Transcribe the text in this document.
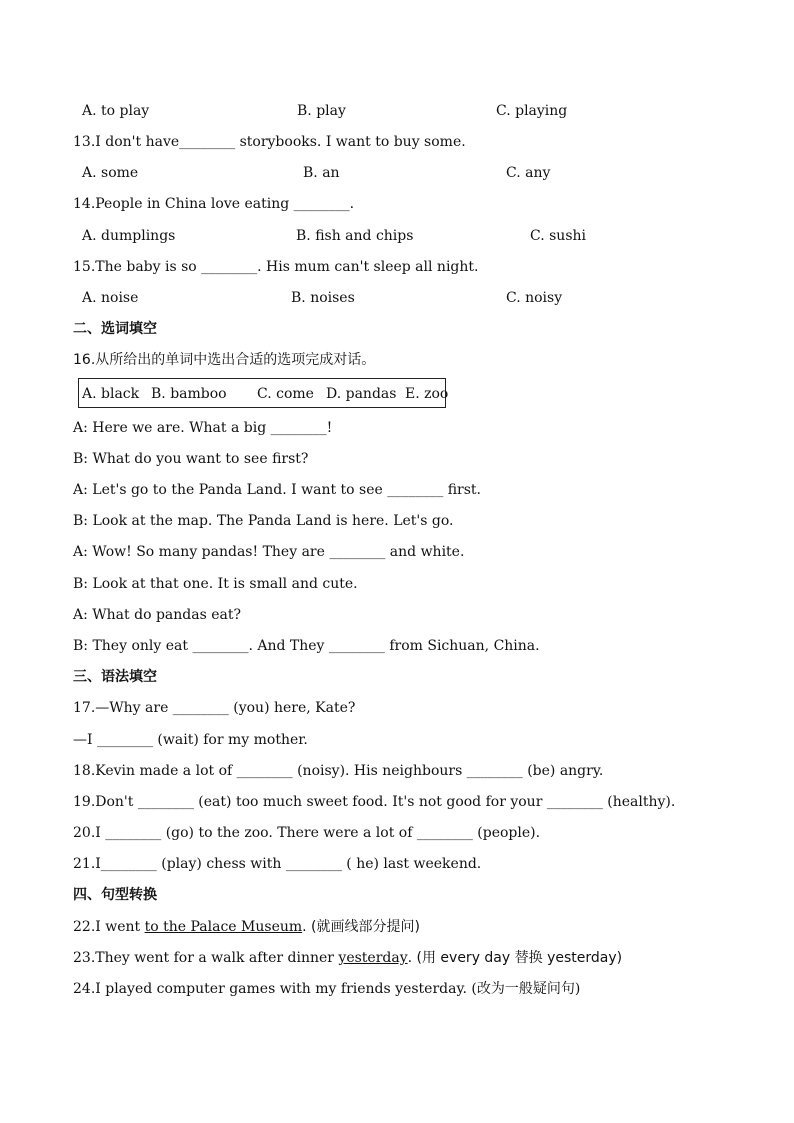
A. to play	B. play	C. playing
13.I don't have________ storybooks. I want to buy some.
A. some	B. an	C. any
14.People in China love eating ________.
A. dumplings	B. fish and chips	C. sushi
15.The baby is so ________. His mum can't sleep all night.
A. noise	B. noises	C. noisy
二、选词填空
16.从所给出的单词中选出合适的选项完成对话。
A. black B. bamboo C. come D. pandas E. zoo
A: Here we are. What a big ________!
B: What do you want to see first?
A: Let's go to the Panda Land. I want to see ________ first.
B: Look at the map. The Panda Land is here. Let's go.
A: Wow! So many pandas! They are ________ and white.
B: Look at that one. It is small and cute.
A: What do pandas eat?
B: They only eat ________. And They ________ from Sichuan, China.
三、语法填空
17.—Why are ________ (you) here, Kate?
—I ________ (wait) for my mother.
18.Kevin made a lot of ________ (noisy). His neighbours ________ (be) angry.
19.Don't ________ (eat) too much sweet food. It's not good for your ________ (healthy).
20.I ________ (go) to the zoo. There were a lot of ________ (people).
21.I________ (play) chess with ________ ( he) last weekend.
四、句型转换
22.I went to the Palace Museum. (就画线部分提问)
23.They went for a walk after dinner yesterday. (用 every day 替换 yesterday)
24.I played computer games with my friends yesterday. (改为一般疑问句)
